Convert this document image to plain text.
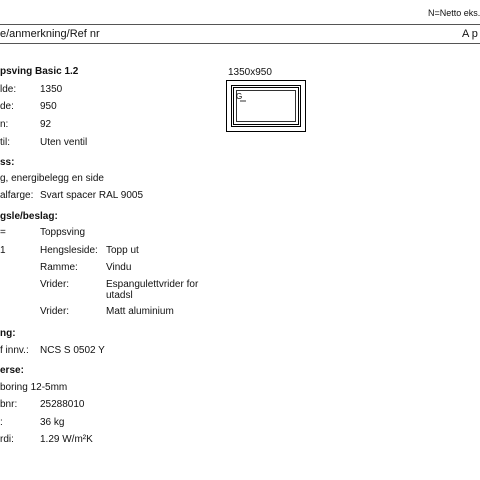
N=Netto eks.
e/anmerkning/Ref nr	A p
psving Basic 1.2
lde: 1350
de:	950
n:	92
til:	Uten ventil
1350x950
G
ss:
g, energibelegg en side
alfarge: Svart spacer RAL 9005
gsle/beslag:
=	Toppsving
1	Hengsleside: Topp ut
Ramme:	Vindu
Vrider:	Espangulettvrider for utadsl
Vrider:	Matt aluminium
ng:
f innv.: NCS S 0502 Y
erse:
boring 12-5mm
bnr: 25288010
:	36 kg
rdi:	1.29 W/m²K
